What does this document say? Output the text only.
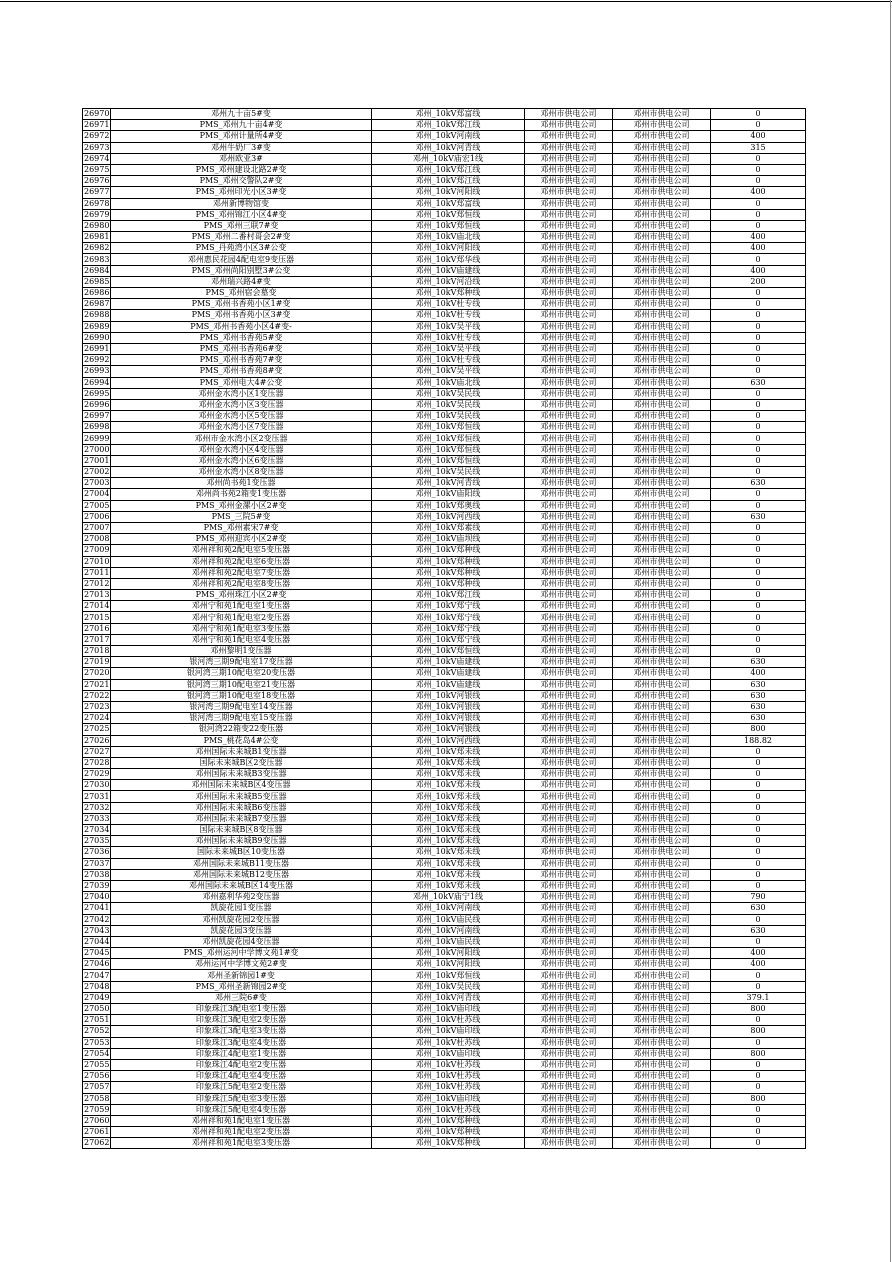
26970	邓州九十亩5#变	邓州_10kV郑富线	邓州市供电公司	邓州市供电公司	0
26971	PMS_邓州九十亩4#变	邓州_10kV郑江线	邓州市供电公司	邓州市供电公司	0
26972	PMS_邓州计量所4#变	邓州_10kV河南线	邓州市供电公司	邓州市供电公司	400
26973	邓州牛奶厂3#变	邓州_10kV河青线	邓州市供电公司	邓州市供电公司	315
26974	邓州欧亚3#	邓州_10kV庙宏1线	邓州市供电公司	邓州市供电公司	0
26975	PMS_邓州建设北路2#变	邓州_10kV郑江线	邓州市供电公司	邓州市供电公司	0
26976	PMS_邓州交警队2#变	邓州_10kV郑江线	邓州市供电公司	邓州市供电公司	0
26977	PMS_邓州印光小区3#变	邓州_10kV河阳线	邓州市供电公司	邓州市供电公司	400
26978	邓州新博物馆变	邓州_10kV郑富线	邓州市供电公司	邓州市供电公司	0
26979	PMS_邓州锦江小区4#变	邓州_10kV郑恒线	邓州市供电公司	邓州市供电公司	0
26980	PMS_邓州三联7#变	邓州_10kV郑恒线	邓州市供电公司	邓州市供电公司	0
26981	PMS_邓州二番村哥会2#变	邓州_10kV庙北线	邓州市供电公司	邓州市供电公司	400
26982	PMS_丹苑湾小区3#公变	邓州_10kV河阳线	邓州市供电公司	邓州市供电公司	400
26983	邓州惠民花园4配电室9变压器	邓州_10kV郑华线	邓州市供电公司	邓州市供电公司	0
26984	PMS_邓州尚阳别墅3#公变	邓州_10kV庙建线	邓州市供电公司	邓州市供电公司	400
26985	邓州瑞兴路4#变	邓州_10kV河沿线	邓州市供电公司	邓州市供电公司	200
26986	PMS_邓州宿会墓变	邓州_10kV郑种线	邓州市供电公司	邓州市供电公司	0
26987	PMS_邓州书香苑小区1#变	邓州_10kV杜专线	邓州市供电公司	邓州市供电公司	0
26988	PMS_邓州书香苑小区3#变	邓州_10kV杜专线	邓州市供电公司	邓州市供电公司	0
26989	PMS_邓州书香苑小区4#变-	邓州_10kV吴平线	邓州市供电公司	邓州市供电公司	0
26990	PMS_邓州书香苑5#变	邓州_10kV杜专线	邓州市供电公司	邓州市供电公司	0
26991	PMS_邓州书香苑6#变	邓州_10kV吴平线	邓州市供电公司	邓州市供电公司	0
26992	PMS_邓州书香苑7#变	邓州_10kV杜专线	邓州市供电公司	邓州市供电公司	0
26993	PMS_邓州书香苑8#变	邓州_10kV吴平线	邓州市供电公司	邓州市供电公司	0
26994	PMS_邓州电大4#公变	邓州_10kV庙北线	邓州市供电公司	邓州市供电公司	630
26995	邓州金水湾小区1变压器	邓州_10kV吴民线	邓州市供电公司	邓州市供电公司	0
26996	邓州金水湾小区3变压器	邓州_10kV吴民线	邓州市供电公司	邓州市供电公司	0
26997	邓州金水湾小区5变压器	邓州_10kV吴民线	邓州市供电公司	邓州市供电公司	0
26998	邓州金水湾小区7变压器	邓州_10kV郑恒线	邓州市供电公司	邓州市供电公司	0
26999	邓州市金水湾小区2变压器	邓州_10kV郑恒线	邓州市供电公司	邓州市供电公司	0
27000	邓州金水湾小区4变压器	邓州_10kV郑恒线	邓州市供电公司	邓州市供电公司	0
27001	邓州金水湾小区6变压器	邓州_10kV郑恒线	邓州市供电公司	邓州市供电公司	0
27002	邓州金水湾小区8变压器	邓州_10kV吴民线	邓州市供电公司	邓州市供电公司	0
27003	邓州尚书苑1变压器	邓州_10kV河青线	邓州市供电公司	邓州市供电公司	630
27004	邓州尚书苑2箱变1变压器	邓州_10kV庙阳线	邓州市供电公司	邓州市供电公司	0
27005	PMS_邓州金漯小区2#变	邓州_10kV郑奥线	邓州市供电公司	邓州市供电公司	0
27006	PMS_三院5#变	邓州_10kV河西线	邓州市供电公司	邓州市供电公司	630
27007	PMS_邓州素宋7#变	邓州_10kV郑素线	邓州市供电公司	邓州市供电公司	0
27008	PMS_邓州迎宾小区2#变	邓州_10kV庙坝线	邓州市供电公司	邓州市供电公司	0
27009	邓州祥和苑2配电室5变压器	邓州_10kV郑种线	邓州市供电公司	邓州市供电公司	0
27010	邓州祥和苑2配电室6变压器	邓州_10kV郑种线	邓州市供电公司	邓州市供电公司	0
27011	邓州祥和苑2配电室7变压器	邓州_10kV郑种线	邓州市供电公司	邓州市供电公司	0
27012	邓州祥和苑2配电室8变压器	邓州_10kV郑种线	邓州市供电公司	邓州市供电公司	0
27013	PMS_邓州珠江小区2#变	邓州_10kV郑江线	邓州市供电公司	邓州市供电公司	0
27014	邓州宁和苑1配电室1变压器	邓州_10kV郑宁线	邓州市供电公司	邓州市供电公司	0
27015	邓州宁和苑1配电室2变压器	邓州_10kV郑宁线	邓州市供电公司	邓州市供电公司	0
27016	邓州宁和苑1配电室3变压器	邓州_10kV郑宁线	邓州市供电公司	邓州市供电公司	0
27017	邓州宁和苑1配电室4变压器	邓州_10kV郑宁线	邓州市供电公司	邓州市供电公司	0
27018	邓州黎明1变压器	邓州_10kV郑恒线	邓州市供电公司	邓州市供电公司	0
27019	银河湾三期9配电室17变压器	邓州_10kV庙建线	邓州市供电公司	邓州市供电公司	630
27020	银河湾三期10配电室20变压器	邓州_10kV庙建线	邓州市供电公司	邓州市供电公司	400
27021	银河湾三期10配电室21变压器	邓州_10kV庙建线	邓州市供电公司	邓州市供电公司	630
27022	银河湾三期10配电室18变压器	邓州_10kV河银线	邓州市供电公司	邓州市供电公司	630
27023	银河湾三期9配电室14变压器	邓州_10kV河银线	邓州市供电公司	邓州市供电公司	630
27024	银河湾三期9配电室15变压器	邓州_10kV河银线	邓州市供电公司	邓州市供电公司	630
27025	银河湾22箱变22变压器	邓州_10kV河银线	邓州市供电公司	邓州市供电公司	800
27026	PMS_桃花岛4#公变	邓州_10kV河西线	邓州市供电公司	邓州市供电公司	188.82
27027	邓州国际未来城B1变压器	邓州_10kV郑未线	邓州市供电公司	邓州市供电公司	0
27028	国际未来城B区2变压器	邓州_10kV郑未线	邓州市供电公司	邓州市供电公司	0
27029	邓州国际未来城B3变压器	邓州_10kV郑未线	邓州市供电公司	邓州市供电公司	0
27030	邓州国际未来城B区4变压器	邓州_10kV郑未线	邓州市供电公司	邓州市供电公司	0
27031	邓州国际未来城B5变压器	邓州_10kV郑未线	邓州市供电公司	邓州市供电公司	0
27032	邓州国际未来城B6变压器	邓州_10kV郑未线	邓州市供电公司	邓州市供电公司	0
27033	邓州国际未来城B7变压器	邓州_10kV郑未线	邓州市供电公司	邓州市供电公司	0
27034	国际未来城B区8变压器	邓州_10kV郑未线	邓州市供电公司	邓州市供电公司	0
27035	邓州国际未来城B9变压器	邓州_10kV郑未线	邓州市供电公司	邓州市供电公司	0
27036	国际未来城B区10变压器	邓州_10kV郑未线	邓州市供电公司	邓州市供电公司	0
27037	邓州国际未来城B11变压器	邓州_10kV郑未线	邓州市供电公司	邓州市供电公司	0
27038	邓州国际未来城B12变压器	邓州_10kV郑未线	邓州市供电公司	邓州市供电公司	0
27039	邓州国际未来城B区14变压器	邓州_10kV郑未线	邓州市供电公司	邓州市供电公司	0
27040	邓州嘉利华苑2变压器	邓州_10kV庙宁1线	邓州市供电公司	邓州市供电公司	790
27041	凯旋花园1变压器	邓州_10kV河南线	邓州市供电公司	邓州市供电公司	630
27042	邓州凯旋花园2变压器	邓州_10kV庙民线	邓州市供电公司	邓州市供电公司	0
27043	凯旋花园3变压器	邓州_10kV河南线	邓州市供电公司	邓州市供电公司	630
27044	邓州凯旋花园4变压器	邓州_10kV庙民线	邓州市供电公司	邓州市供电公司	0
27045	PMS_邓州运河中学博文苑1#变	邓州_10kV河阳线	邓州市供电公司	邓州市供电公司	400
27046	邓州运河中学博文苑2#变	邓州_10kV河阳线	邓州市供电公司	邓州市供电公司	400
27047	邓州圣新锦园1#变	邓州_10kV郑恒线	邓州市供电公司	邓州市供电公司	0
27048	PMS_邓州圣新锦园2#变	邓州_10kV吴民线	邓州市供电公司	邓州市供电公司	0
27049	邓州三院6#变	邓州_10kV河青线	邓州市供电公司	邓州市供电公司	379.1
27050	印象珠江3配电室1变压器	邓州_10kV庙印线	邓州市供电公司	邓州市供电公司	800
27051	印象珠江3配电室2变压器	邓州_10kV杜苏线	邓州市供电公司	邓州市供电公司	0
27052	印象珠江3配电室3变压器	邓州_10kV庙印线	邓州市供电公司	邓州市供电公司	800
27053	印象珠江3配电室4变压器	邓州_10kV杜苏线	邓州市供电公司	邓州市供电公司	0
27054	印象珠江4配电室1变压器	邓州_10kV庙印线	邓州市供电公司	邓州市供电公司	800
27055	印象珠江4配电室2变压器	邓州_10kV杜苏线	邓州市供电公司	邓州市供电公司	0
27056	印象珠江4配电室4变压器	邓州_10kV杜苏线	邓州市供电公司	邓州市供电公司	0
27057	印象珠江5配电室2变压器	邓州_10kV杜苏线	邓州市供电公司	邓州市供电公司	0
27058	印象珠江5配电室3变压器	邓州_10kV庙印线	邓州市供电公司	邓州市供电公司	800
27059	印象珠江5配电室4变压器	邓州_10kV杜苏线	邓州市供电公司	邓州市供电公司	0
27060	邓州祥和苑1配电室1变压器	邓州_10kV郑种线	邓州市供电公司	邓州市供电公司	0
27061	邓州祥和苑1配电室2变压器	邓州_10kV郑种线	邓州市供电公司	邓州市供电公司	0
27062	邓州祥和苑1配电室3变压器	邓州_10kV郑种线	邓州市供电公司	邓州市供电公司	0
